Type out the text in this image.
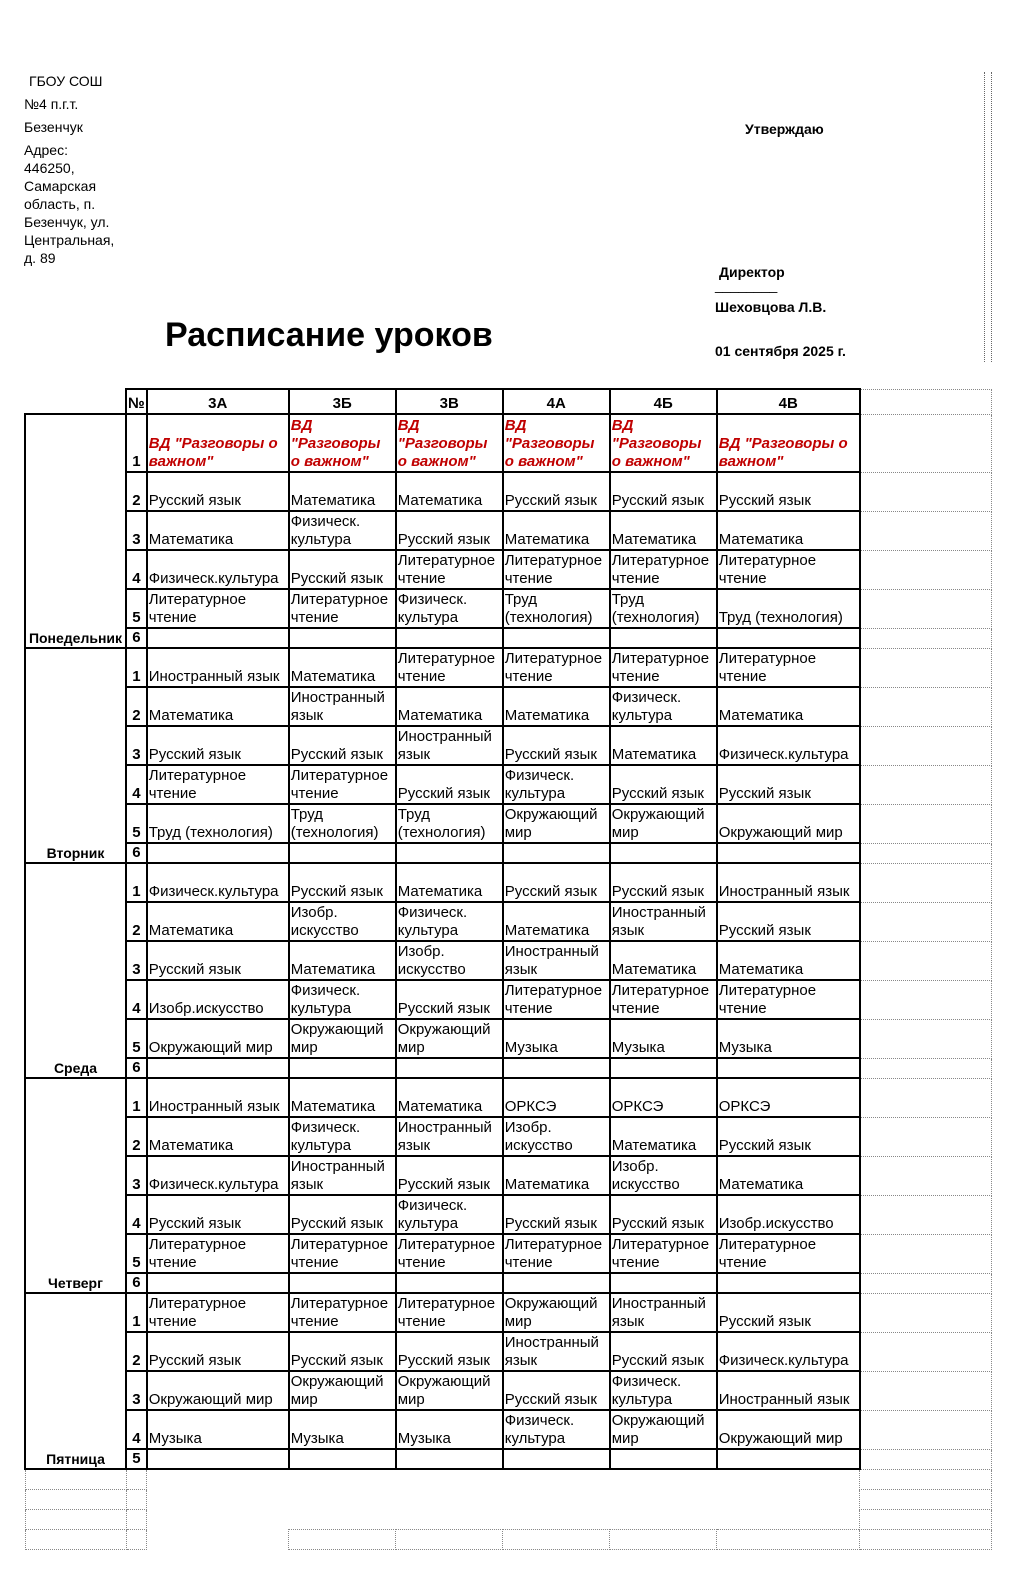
ГБОУ СОШ
№4 п.г.т.
Безенчук
Адрес:
446250,
Самарская
область, п.
Безенчук, ул.
Центральная,
д. 89
Утверждаю
Директор
________
Шеховцова Л.В.
01 сентября 2025 г.
Расписание уроков
	№	3А	3Б	3В	4А	4Б	4В	
Понедельник	1	ВД "Разговоры о важном"	ВД "Разговоры о важном"	ВД "Разговоры о важном"	ВД "Разговоры о важном"	ВД "Разговоры о важном"	ВД "Разговоры о важном"	
	2	Русский язык	Математика	Математика	Русский язык	Русский язык	Русский язык	
	3	Математика	Физическ. культура	Русский язык	Математика	Математика	Математика	
	4	Физическ.культура	Русский язык	Литературное чтение	Литературное чтение	Литературное чтение	Литературное чтение	
	5	Литературное чтение	Литературное чтение	Физическ. культура	Труд (технология)	Труд (технология)	Труд (технология)	
	6							
Вторник	1	Иностранный язык	Математика	Литературное чтение	Литературное чтение	Литературное чтение	Литературное чтение	
	2	Математика	Иностранный язык	Математика	Математика	Физическ. культура	Математика	
	3	Русский язык	Русский язык	Иностранный язык	Русский язык	Математика	Физическ.культура	
	4	Литературное чтение	Литературное чтение	Русский язык	Физическ. культура	Русский язык	Русский язык	
	5	Труд (технология)	Труд (технология)	Труд (технология)	Окружающий мир	Окружающий мир	Окружающий мир	
	6							
Среда	1	Физическ.культура	Русский язык	Математика	Русский язык	Русский язык	Иностранный язык	
	2	Математика	Изобр. искусство	Физическ. культура	Математика	Иностранный язык	Русский язык	
	3	Русский язык	Математика	Изобр. искусство	Иностранный язык	Математика	Математика	
	4	Изобр.искусство	Физическ. культура	Русский язык	Литературное чтение	Литературное чтение	Литературное чтение	
	5	Окружающий мир	Окружающий мир	Окружающий мир	Музыка	Музыка	Музыка	
	6							
Четверг	1	Иностранный язык	Математика	Математика	ОРКСЭ	ОРКСЭ	ОРКСЭ	
	2	Математика	Физическ. культура	Иностранный язык	Изобр. искусство	Математика	Русский язык	
	3	Физическ.культура	Иностранный язык	Русский язык	Математика	Изобр. искусство	Математика	
	4	Русский язык	Русский язык	Физическ. культура	Русский язык	Русский язык	Изобр.искусство	
	5	Литературное чтение	Литературное чтение	Литературное чтение	Литературное чтение	Литературное чтение	Литературное чтение	
	6							
Пятница	1	Литературное чтение	Литературное чтение	Литературное чтение	Окружающий мир	Иностранный язык	Русский язык	
	2	Русский язык	Русский язык	Русский язык	Иностранный язык	Русский язык	Физическ.культура	
	3	Окружающий мир	Окружающий мир	Окружающий мир	Русский язык	Физическ. культура	Иностранный язык	
	4	Музыка	Музыка	Музыка	Физическ. культура	Окружающий мир	Окружающий мир	
	5							
